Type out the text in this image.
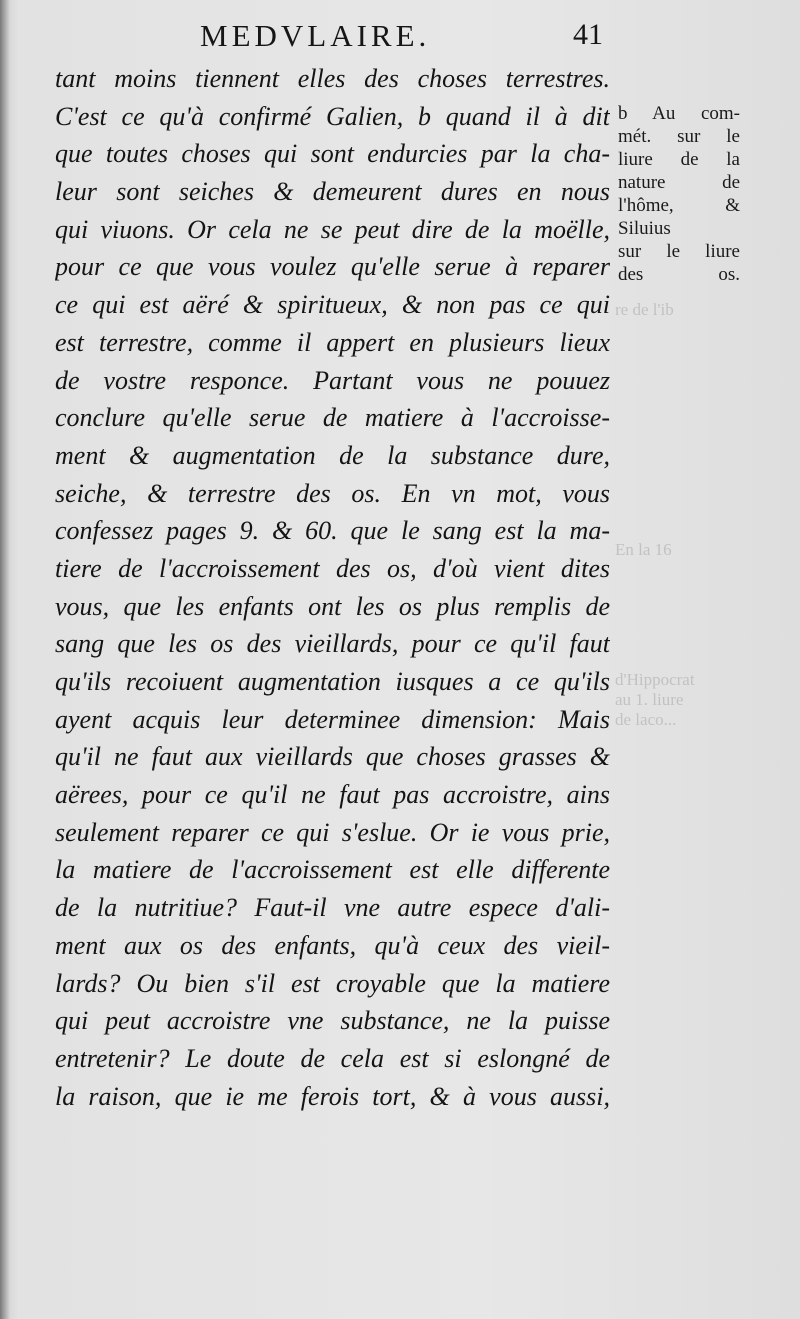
MEDVLAIRE.	41
tant moins tiennent elles des choses terrestres.
C'est ce qu'à confirmé Galien, b quand il à dit
que toutes choses qui sont endurcies par la cha-
leur sont seiches & demeurent dures en nous
qui viuons. Or cela ne se peut dire de la moëlle,
pour ce que vous voulez qu'elle serue à reparer
ce qui est aëré & spiritueux, & non pas ce qui
est terrestre, comme il appert en plusieurs lieux
de vostre responce. Partant vous ne pouuez
conclure qu'elle serue de matiere à l'accroisse-
ment & augmentation de la substance dure,
seiche, & terrestre des os. En vn mot, vous
confessez pages 9. & 60. que le sang est la ma-
tiere de l'accroissement des os, d'où vient dites
vous, que les enfants ont les os plus remplis de
sang que les os des vieillards, pour ce qu'il faut
qu'ils recoiuent augmentation iusques a ce qu'ils
ayent acquis leur determinee dimension: Mais
qu'il ne faut aux vieillards que choses grasses &
aërees, pour ce qu'il ne faut pas accroistre, ains
seulement reparer ce qui s'eslue. Or ie vous prie,
la matiere de l'accroissement est elle differente
de la nutritiue? Faut-il vne autre espece d'ali-
ment aux os des enfants, qu'à ceux des vieil-
lards? Ou bien s'il est croyable que la matiere
qui peut accroistre vne substance, ne la puisse
entretenir? Le doute de cela est si eslongné de
la raison, que ie me ferois tort, & à vous aussi,
b Au com-
mét. sur le
liure de la
nature de
l'hôme, &
Siluius
sur le liure
des os.
re de l'ib
En la 16
d'Hippocrat
au 1. liure
de laco...
